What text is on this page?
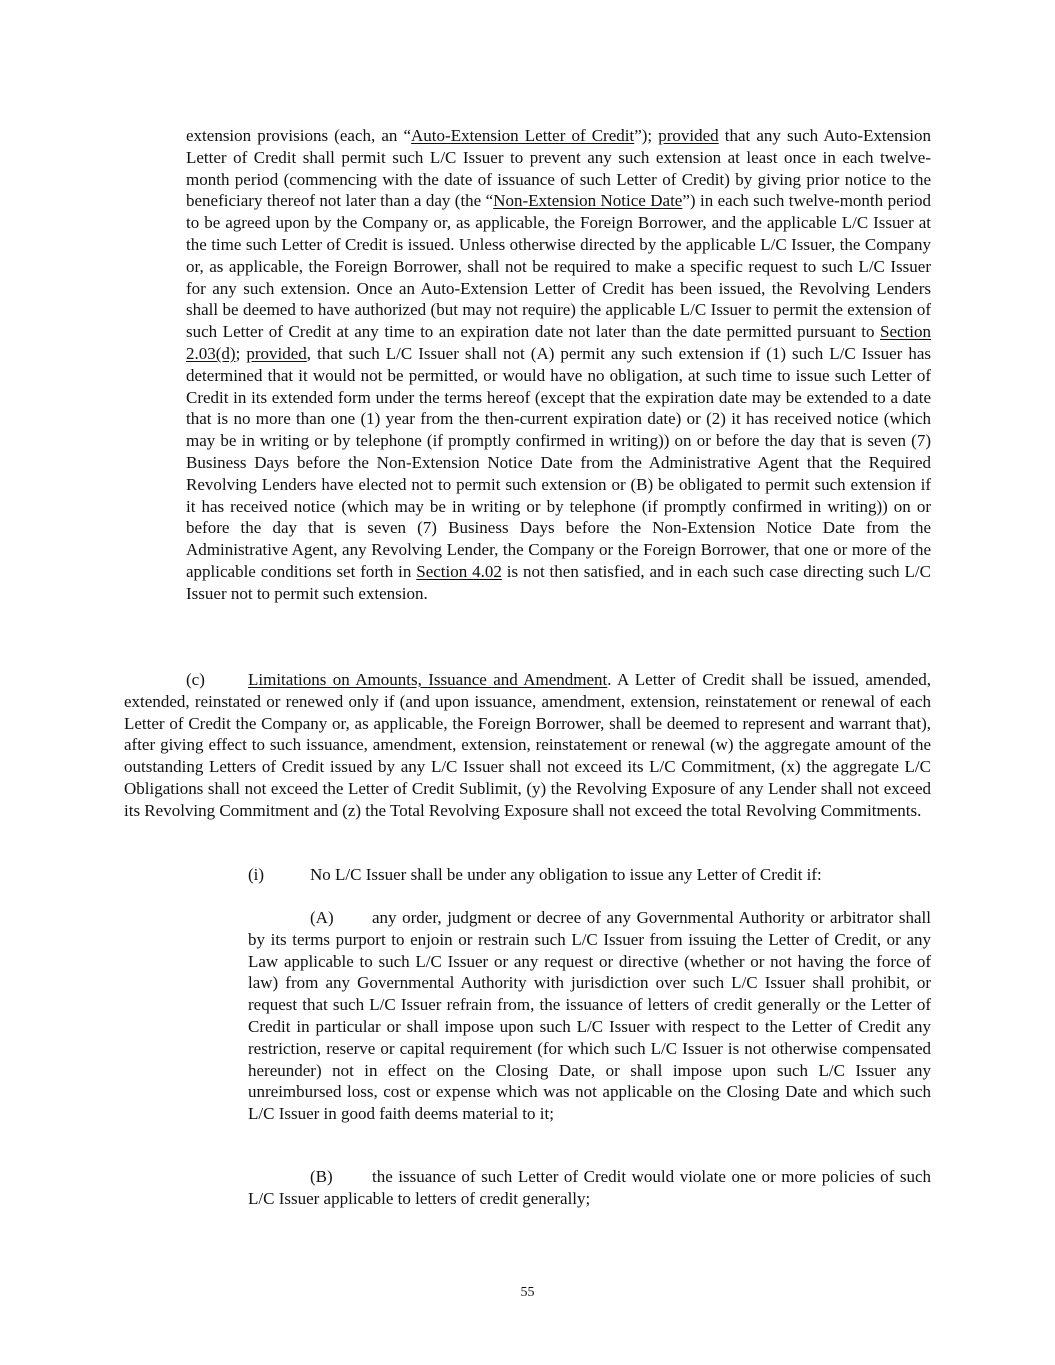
extension provisions (each, an “Auto-Extension Letter of Credit”); provided that any such Auto-Extension Letter of Credit shall permit such L/C Issuer to prevent any such extension at least once in each twelve-month period (commencing with the date of issuance of such Letter of Credit) by giving prior notice to the beneficiary thereof not later than a day (the “Non-Extension Notice Date”) in each such twelve-month period to be agreed upon by the Company or, as applicable, the Foreign Borrower, and the applicable L/C Issuer at the time such Letter of Credit is issued. Unless otherwise directed by the applicable L/C Issuer, the Company or, as applicable, the Foreign Borrower, shall not be required to make a specific request to such L/C Issuer for any such extension. Once an Auto-Extension Letter of Credit has been issued, the Revolving Lenders shall be deemed to have authorized (but may not require) the applicable L/C Issuer to permit the extension of such Letter of Credit at any time to an expiration date not later than the date permitted pursuant to Section 2.03(d); provided, that such L/C Issuer shall not (A) permit any such extension if (1) such L/C Issuer has determined that it would not be permitted, or would have no obligation, at such time to issue such Letter of Credit in its extended form under the terms hereof (except that the expiration date may be extended to a date that is no more than one (1) year from the then-current expiration date) or (2) it has received notice (which may be in writing or by telephone (if promptly confirmed in writing)) on or before the day that is seven (7) Business Days before the Non-Extension Notice Date from the Administrative Agent that the Required Revolving Lenders have elected not to permit such extension or (B) be obligated to permit such extension if it has received notice (which may be in writing or by telephone (if promptly confirmed in writing)) on or before the day that is seven (7) Business Days before the Non-Extension Notice Date from the Administrative Agent, any Revolving Lender, the Company or the Foreign Borrower, that one or more of the applicable conditions set forth in Section 4.02 is not then satisfied, and in each such case directing such L/C Issuer not to permit such extension.

(c)	Limitations on Amounts, Issuance and Amendment. A Letter of Credit shall be issued, amended, extended, reinstated or renewed only if (and upon issuance, amendment, extension, reinstatement or renewal of each Letter of Credit the Company or, as applicable, the Foreign Borrower, shall be deemed to represent and warrant that), after giving effect to such issuance, amendment, extension, reinstatement or renewal (w) the aggregate amount of the outstanding Letters of Credit issued by any L/C Issuer shall not exceed its L/C Commitment, (x) the aggregate L/C Obligations shall not exceed the Letter of Credit Sublimit, (y) the Revolving Exposure of any Lender shall not exceed its Revolving Commitment and (z) the Total Revolving Exposure shall not exceed the total Revolving Commitments.

(i)	No L/C Issuer shall be under any obligation to issue any Letter of Credit if:

(A) any order, judgment or decree of any Governmental Authority or arbitrator shall by its terms purport to enjoin or restrain such L/C Issuer from issuing the Letter of Credit, or any Law applicable to such L/C Issuer or any request or directive (whether or not having the force of law) from any Governmental Authority with jurisdiction over such L/C Issuer shall prohibit, or request that such L/C Issuer refrain from, the issuance of letters of credit generally or the Letter of Credit in particular or shall impose upon such L/C Issuer with respect to the Letter of Credit any restriction, reserve or capital requirement (for which such L/C Issuer is not otherwise compensated hereunder) not in effect on the Closing Date, or shall impose upon such L/C Issuer any unreimbursed loss, cost or expense which was not applicable on the Closing Date and which such L/C Issuer in good faith deems material to it;

(B) the issuance of such Letter of Credit would violate one or more policies of such L/C Issuer applicable to letters of credit generally;

55
